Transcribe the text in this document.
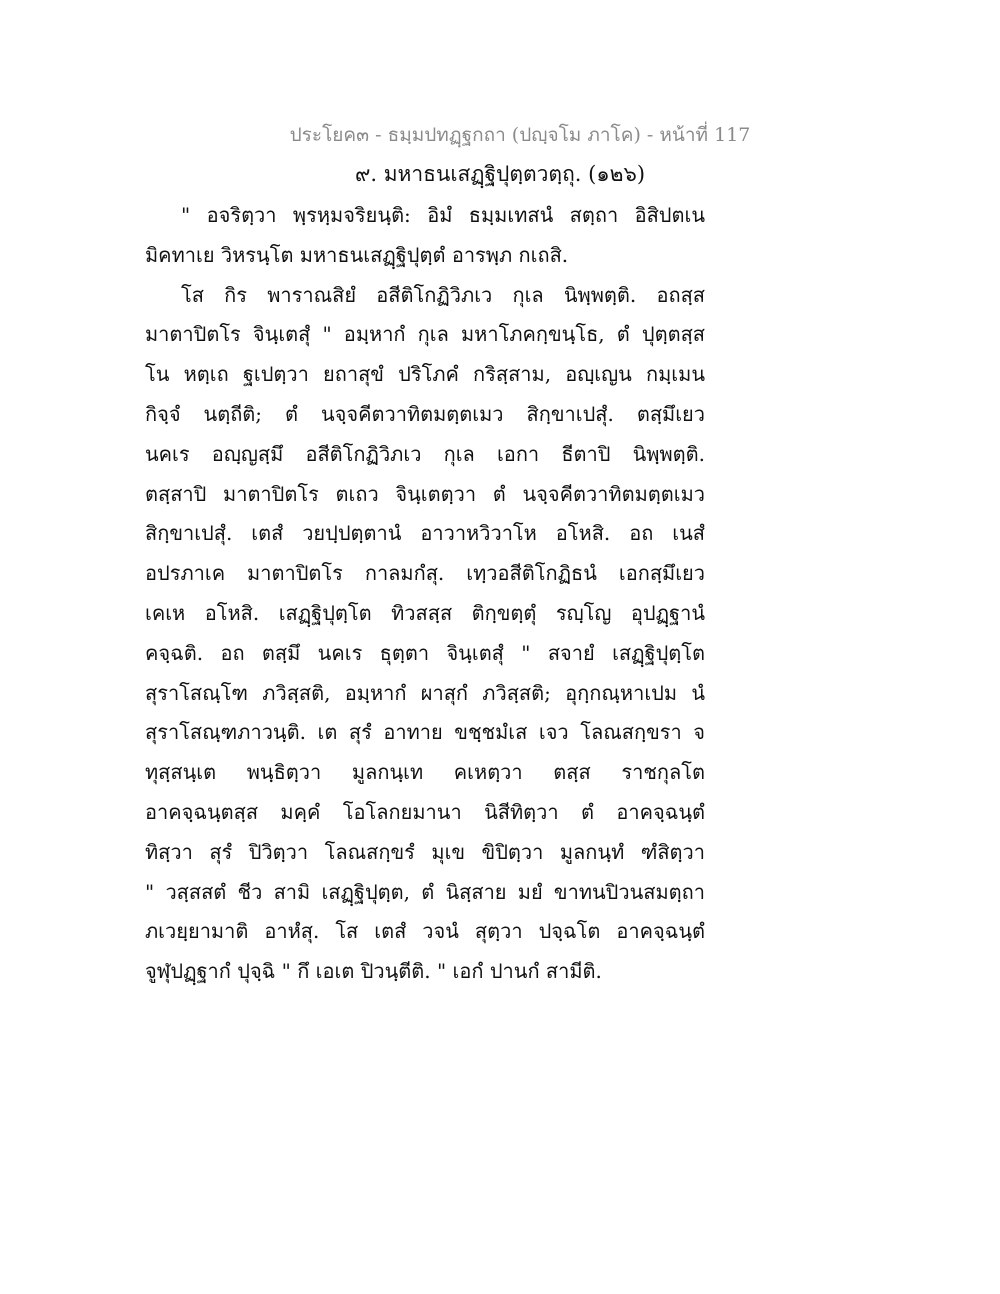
ประโยค๓ - ธมฺมปทฏฺฐกถา (ปญฺจโม ภาโค) - หน้าที่ 117
๙. มหาธนเสฏฺฐิปุตฺตวตฺถุ. (๑๒๖)
" อจริตฺวา พฺรหฺมจริยนฺติ: อิมํ ธมฺมเทสนํ สตฺถา อิสิปตเน
มิคทาเย วิหรนฺโต มหาธนเสฏฺฐิปุตฺตํ อารพฺภ กเถสิ.
โส กิร พาราณสิยํ อสีติโกฏิวิภเว กุเล นิพฺพตฺติ. อถสฺส
มาตาปิตโร จินฺเตสุํ " อมฺหากํ กุเล มหาโภคกฺขนฺโธ, ตํ ปุตฺตสฺส
โน หตฺเถ ฐเปตฺวา ยถาสุขํ ปริโภคํ กริสฺสาม, อญฺเญน กมฺเมน
กิจฺจํ นตฺถีติ; ตํ นจฺจคีตวาทิตมตฺตเมว สิกฺขาเปสุํ. ตสฺมึเยว
นคเร อญฺญสฺมึ อสีติโกฏิวิภเว กุเล เอกา ธีตาปิ นิพฺพตฺติ.
ตสฺสาปิ มาตาปิตโร ตเถว จินฺเตตฺวา ตํ นจฺจคีตวาทิตมตฺตเมว
สิกฺขาเปสุํ. เตสํ วยปฺปตฺตานํ อาวาหวิวาโห อโหสิ. อถ เนสํ
อปรภาเค มาตาปิตโร กาลมกํสุ. เทฺวอสีติโกฏิธนํ เอกสฺมึเยว
เคเห อโหสิ. เสฏฺฐิปุตฺโต ทิวสสฺส ติกฺขตฺตุํ รญฺโญ อุปฏฺฐานํ
คจฺฉติ. อถ ตสฺมึ นคเร ธุตฺตา จินฺเตสุํ " สจายํ เสฏฺฐิปุตฺโต
สุราโสณฺโฑ ภวิสฺสติ, อมฺหากํ ผาสุกํ ภวิสฺสติ; อุกฺกณฺหาเปม นํ
สุราโสณฺฑภาวนฺติ. เต สุรํ อาทาย ขชฺชมํเส เจว โลณสกฺขรา จ
ทุสฺสนฺเต พนฺธิตฺวา มูลกนฺเท คเหตฺวา ตสฺส ราชกุลโต
อาคจฺฉนฺตสฺส มคฺคํ โอโลกยมานา นิสีทิตฺวา ตํ อาคจฺฉนฺตํ
ทิสฺวา สุรํ ปิวิตฺวา โลณสกฺขรํ มุเข ขิปิตฺวา มูลกนฺทํ ฑํสิตฺวา
" วสฺสสตํ ชีว สามิ เสฏฺฐิปุตฺต, ตํ นิสฺสาย มยํ ขาทนปิวนสมตฺถา
ภเวยฺยามาติ อาหํสุ. โส เตสํ วจนํ สุตฺวา ปจฺฉโต อาคจฺฉนฺตํ
จูฬุปฏฺฐากํ ปุจฺฉิ " กึ เอเต ปิวนฺตีติ. " เอกํ ปานกํ สามีติ.
